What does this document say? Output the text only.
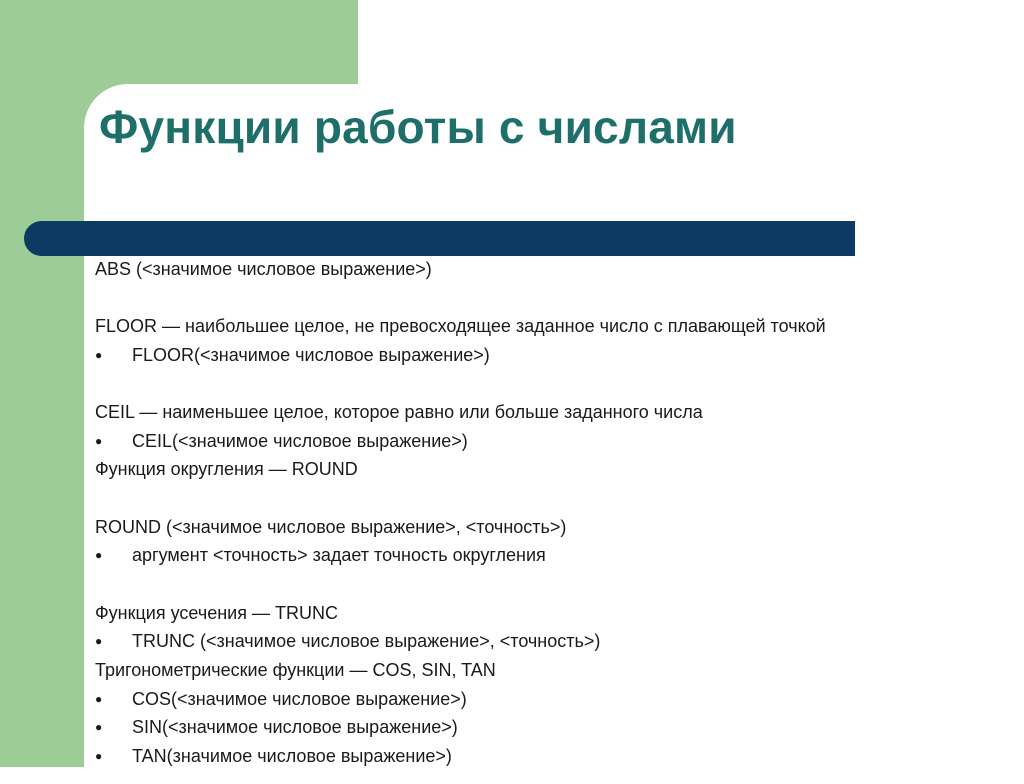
Функции работы с числами
ABS (<значимое числовое выражение>)
FLOOR — наибольшее целое, не превосходящее заданное число с плавающей точкой
●	FLOOR(<значимое числовое выражение>)
CEIL — наименьшее целое, которое равно или больше заданного числа
●	CEIL(<значимое числовое выражение>)
Функция округления — ROUND
ROUND (<значимое числовое выражение>, <точность>)
●	аргумент <точность> задает точность округления
Функция усечения — TRUNC
●	TRUNC (<значимое числовое выражение>, <точность>)
Тригонометрические функции — COS, SIN, TAN
●	COS(<значимое числовое выражение>)
●	SIN(<значимое числовое выражение>)
●	TAN(значимое числовое выражение>)
